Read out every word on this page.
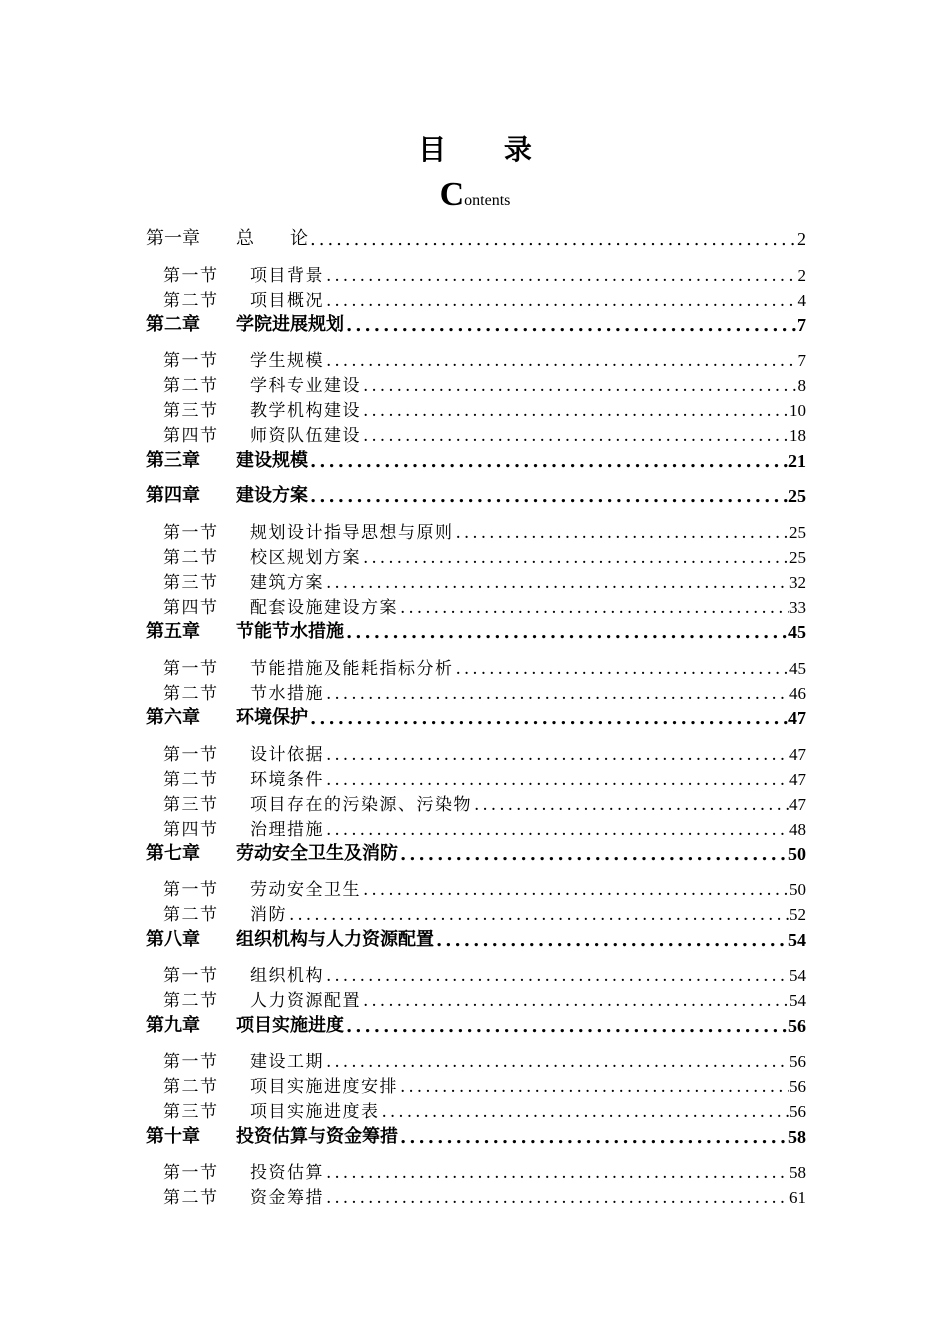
目 录
Contents
第一章	总　　论 .....	2
第一节	项目背景 .....	2
第二节	项目概况 .....	4
第二章	学院进展规划 .....	7
第一节	学生规模 .....	7
第二节	学科专业建设 .....	8
第三节	教学机构建设 .....	10
第四节	师资队伍建设 .....	18
第三章	建设规模 .....	21
第四章	建设方案 .....	25
第一节	规划设计指导思想与原则 .....	25
第二节	校区规划方案 .....	25
第三节	建筑方案 .....	32
第四节	配套设施建设方案 .....	33
第五章	节能节水措施 .....	45
第一节	节能措施及能耗指标分析 .....	45
第二节	节水措施 .....	46
第六章	环境保护 .....	47
第一节	设计依据 .....	47
第二节	环境条件 .....	47
第三节	项目存在的污染源、污染物 .....	47
第四节	治理措施 .....	48
第七章	劳动安全卫生及消防 .....	50
第一节	劳动安全卫生 .....	50
第二节	消防 .....	52
第八章	组织机构与人力资源配置 .....	54
第一节	组织机构 .....	54
第二节	人力资源配置 .....	54
第九章	项目实施进度 .....	56
第一节	建设工期 .....	56
第二节	项目实施进度安排 .....	56
第三节	项目实施进度表 .....	56
第十章	投资估算与资金筹措 .....	58
第一节	投资估算 .....	58
第二节	资金筹措 .....	61
